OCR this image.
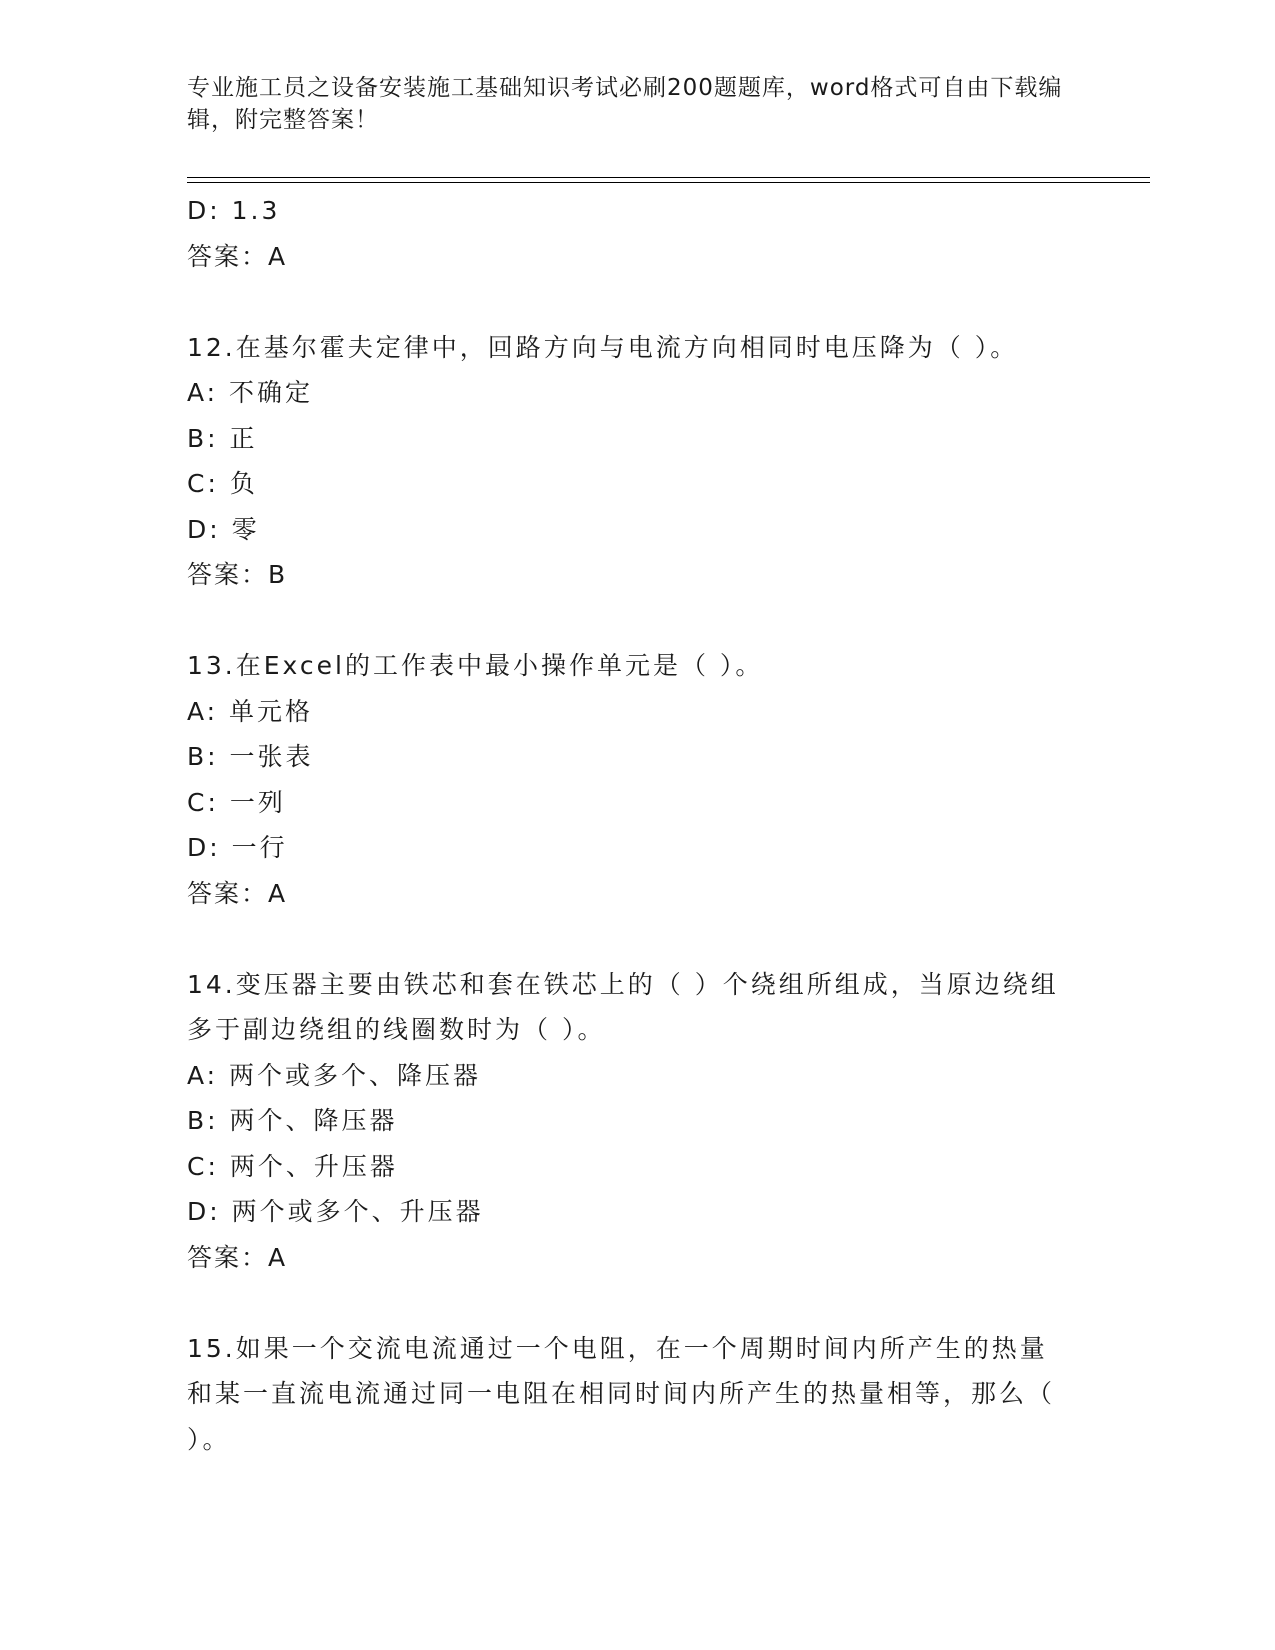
专业施工员之设备安装施工基础知识考试必刷200题题库，word格式可自由下载编辑，附完整答案！

D: 1.3

答案：A

12.在基尔霍夫定律中，回路方向与电流方向相同时电压降为（ ）。

A: 不确定

B: 正

C: 负

D: 零

答案：B

13.在Excel的工作表中最小操作单元是（ ）。

A: 单元格

B: 一张表

C: 一列

D: 一行

答案：A

14.变压器主要由铁芯和套在铁芯上的（ ）个绕组所组成，当原边绕组多于副边绕组的线圈数时为（ ）。

A: 两个或多个、降压器

B: 两个、降压器

C: 两个、升压器

D: 两个或多个、升压器

答案：A

15.如果一个交流电流通过一个电阻，在一个周期时间内所产生的热量和某一直流电流通过同一电阻在相同时间内所产生的热量相等，那么（ ）。
